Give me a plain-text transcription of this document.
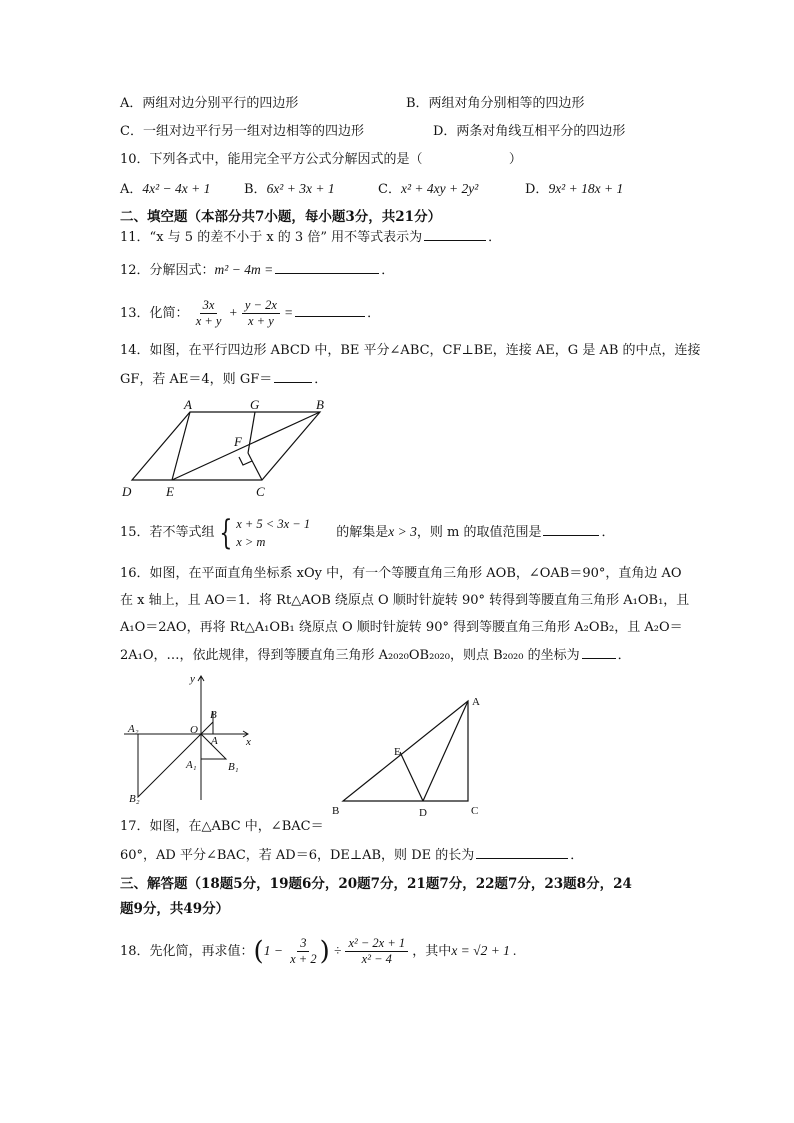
A．两组对边分别平行的四边形	B．两组对角分别相等的四边形
C．一组对边平行另一组对边相等的四边形	D．两条对角线互相平分的四边形
10．下列各式中，能用完全平方公式分解因式的是（	）
A．4x² − 4x + 1	B．6x² + 3x + 1	C．x² + 4xy + 2y²	D．9x² + 18x + 1
二、填空题（本部分共7小题，每小题3分，共21分）
11．“x 与 5 的差不小于 x 的 3 倍” 用不等式表示为	．
12．分解因式：m² − 4m =	．
13．化简： $\frac{3x}{x + y} + \frac{y - 2x}{x + y}$ =	．
14．如图，在平行四边形 ABCD 中，BE 平分∠ABC，CF⊥BE，连接 AE，G 是 AB 的中点，连接
GF，若 AE＝4，则 GF＝	．
A	G	B
F
D	E	C
15．若不等式组 { x + 5 < 3x − 1
x > m
的解集是x > 3，则 m 的取值范围是	．
16．如图，在平面直角坐标系 xOy 中，有一个等腰直角三角形 AOB，∠OAB＝90°，直角边 AO
在 x 轴上，且 AO＝1．将 Rt△AOB 绕原点 O 顺时针旋转 90° 转得到等腰直角三角形 A₁OB₁，且
A₁O＝2AO，再将 Rt△A₁OB₁ 绕原点 O 顺时针旋转 90° 得到等腰直角三角形 A₂OB₂，且 A₂O＝
2A₁O，…，依此规律，得到等腰直角三角形 A₂₀₂₀OB₂₀₂₀，则点 B₂₀₂₀ 的坐标为	．
y
x
O
A
B
A₁	B₁
A₂
B₂
A
E
B	D	C
17．如图，在△ABC 中，∠BAC＝
60°，AD 平分∠BAC，若 AD＝6，DE⊥AB，则 DE 的长为	．
三、解答题（18题5分，19题6分，20题7分，21题7分，22题7分，23题8分，24
题9分，共49分）
18．先化简，再求值：($1 - \frac{3}{x + 2}$ ) ÷ $\frac{\text{x² − 2x + 1}}{\text{x² − 4}}$ ，其中x = √2 + 1 .
